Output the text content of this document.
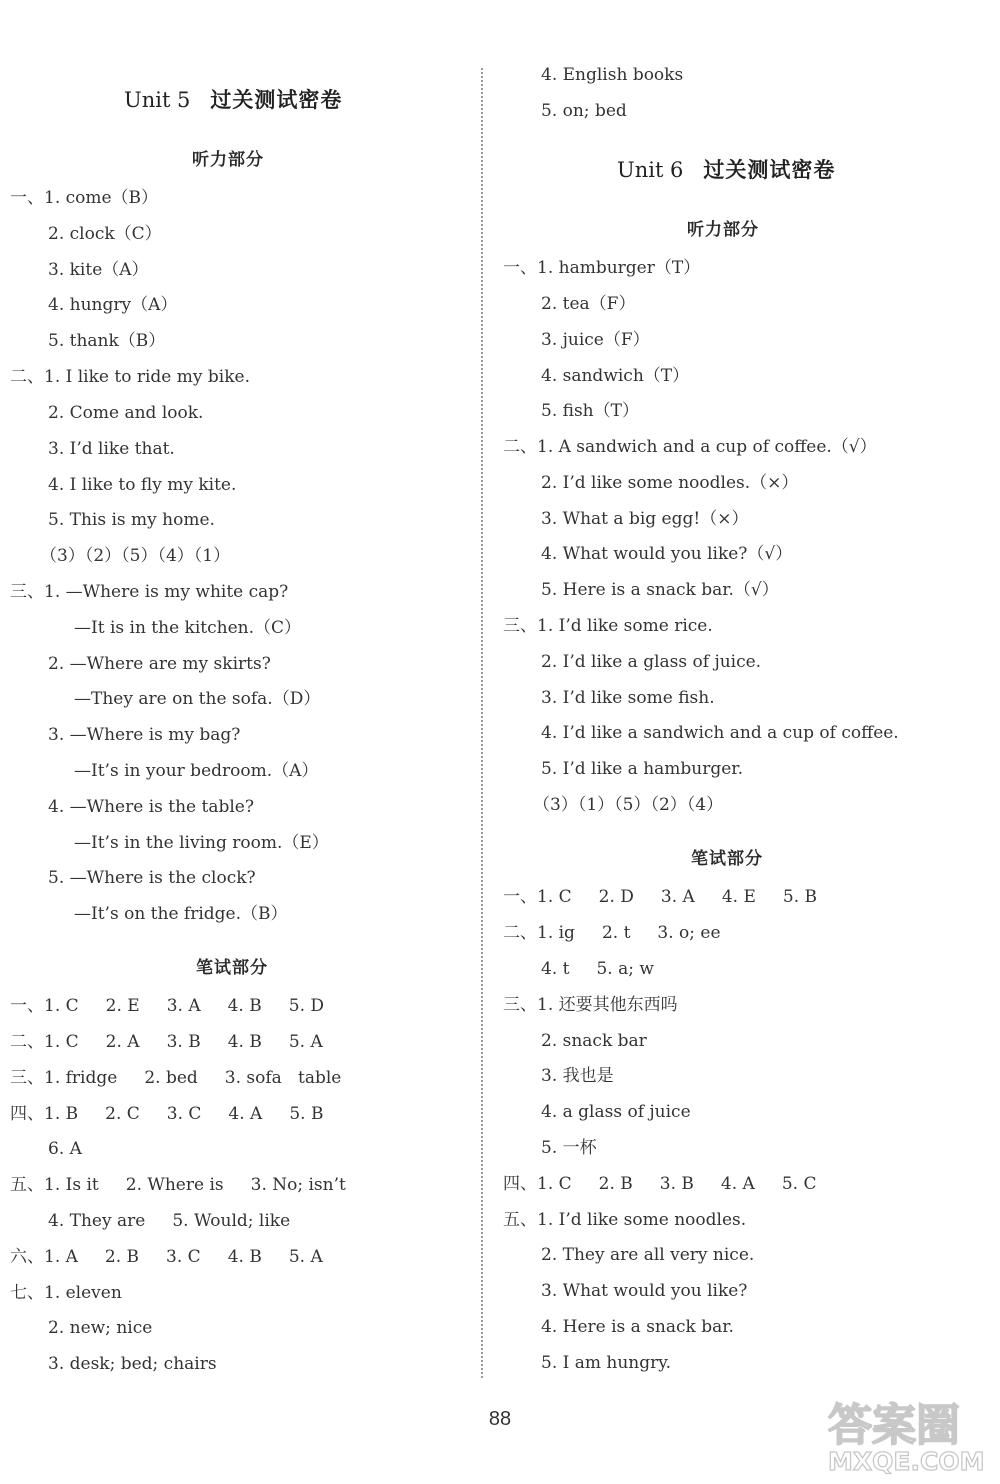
Unit 5 过关测试密卷
听力部分
一、1. come（B）
2. clock（C）
3. kite（A）
4. hungry（A）
5. thank（B）
二、1. I like to ride my bike.
2. Come and look.
3. I’d like that.
4. I like to fly my kite.
5. This is my home.
（3）（2）（5）（4）（1）
三、1. —Where is my white cap?
—It is in the kitchen.（C）
2. —Where are my skirts?
—They are on the sofa.（D）
3. —Where is my bag?
—It’s in your bedroom.（A）
4. —Where is the table?
—It’s in the living room.（E）
5. —Where is the clock?
—It’s on the fridge.（B）
笔试部分
一、1. C     2. E     3. A     4. B     5. D
二、1. C     2. A     3. B     4. B     5. A
三、1. fridge     2. bed     3. sofa   table
四、1. B     2. C     3. C     4. A     5. B
6. A
五、1. Is it     2. Where is     3. No; isn’t
4. They are     5. Would; like
六、1. A     2. B     3. C     4. B     5. A
七、1. eleven
2. new; nice
3. desk; bed; chairs
4. English books
5. on; bed
Unit 6 过关测试密卷
听力部分
一、1. hamburger（T）
2. tea（F）
3. juice（F）
4. sandwich（T）
5. fish（T）
二、1. A sandwich and a cup of coffee.（√）
2. I’d like some noodles.（×）
3. What a big egg!（×）
4. What would you like?（√）
5. Here is a snack bar.（√）
三、1. I’d like some rice.
2. I’d like a glass of juice.
3. I’d like some fish.
4. I’d like a sandwich and a cup of coffee.
5. I’d like a hamburger.
（3）（1）（5）（2）（4）
笔试部分
一、1. C     2. D     3. A     4. E     5. B
二、1. ig     2. t     3. o; ee
4. t     5. a; w
三、1. 还要其他东西吗
2. snack bar
3. 我也是
4. a glass of juice
5. 一杯
四、1. C     2. B     3. B     4. A     5. C
五、1. I’d like some noodles.
2. They are all very nice.
3. What would you like?
4. Here is a snack bar.
5. I am hungry.
88	答案圈
MXQE.COM
